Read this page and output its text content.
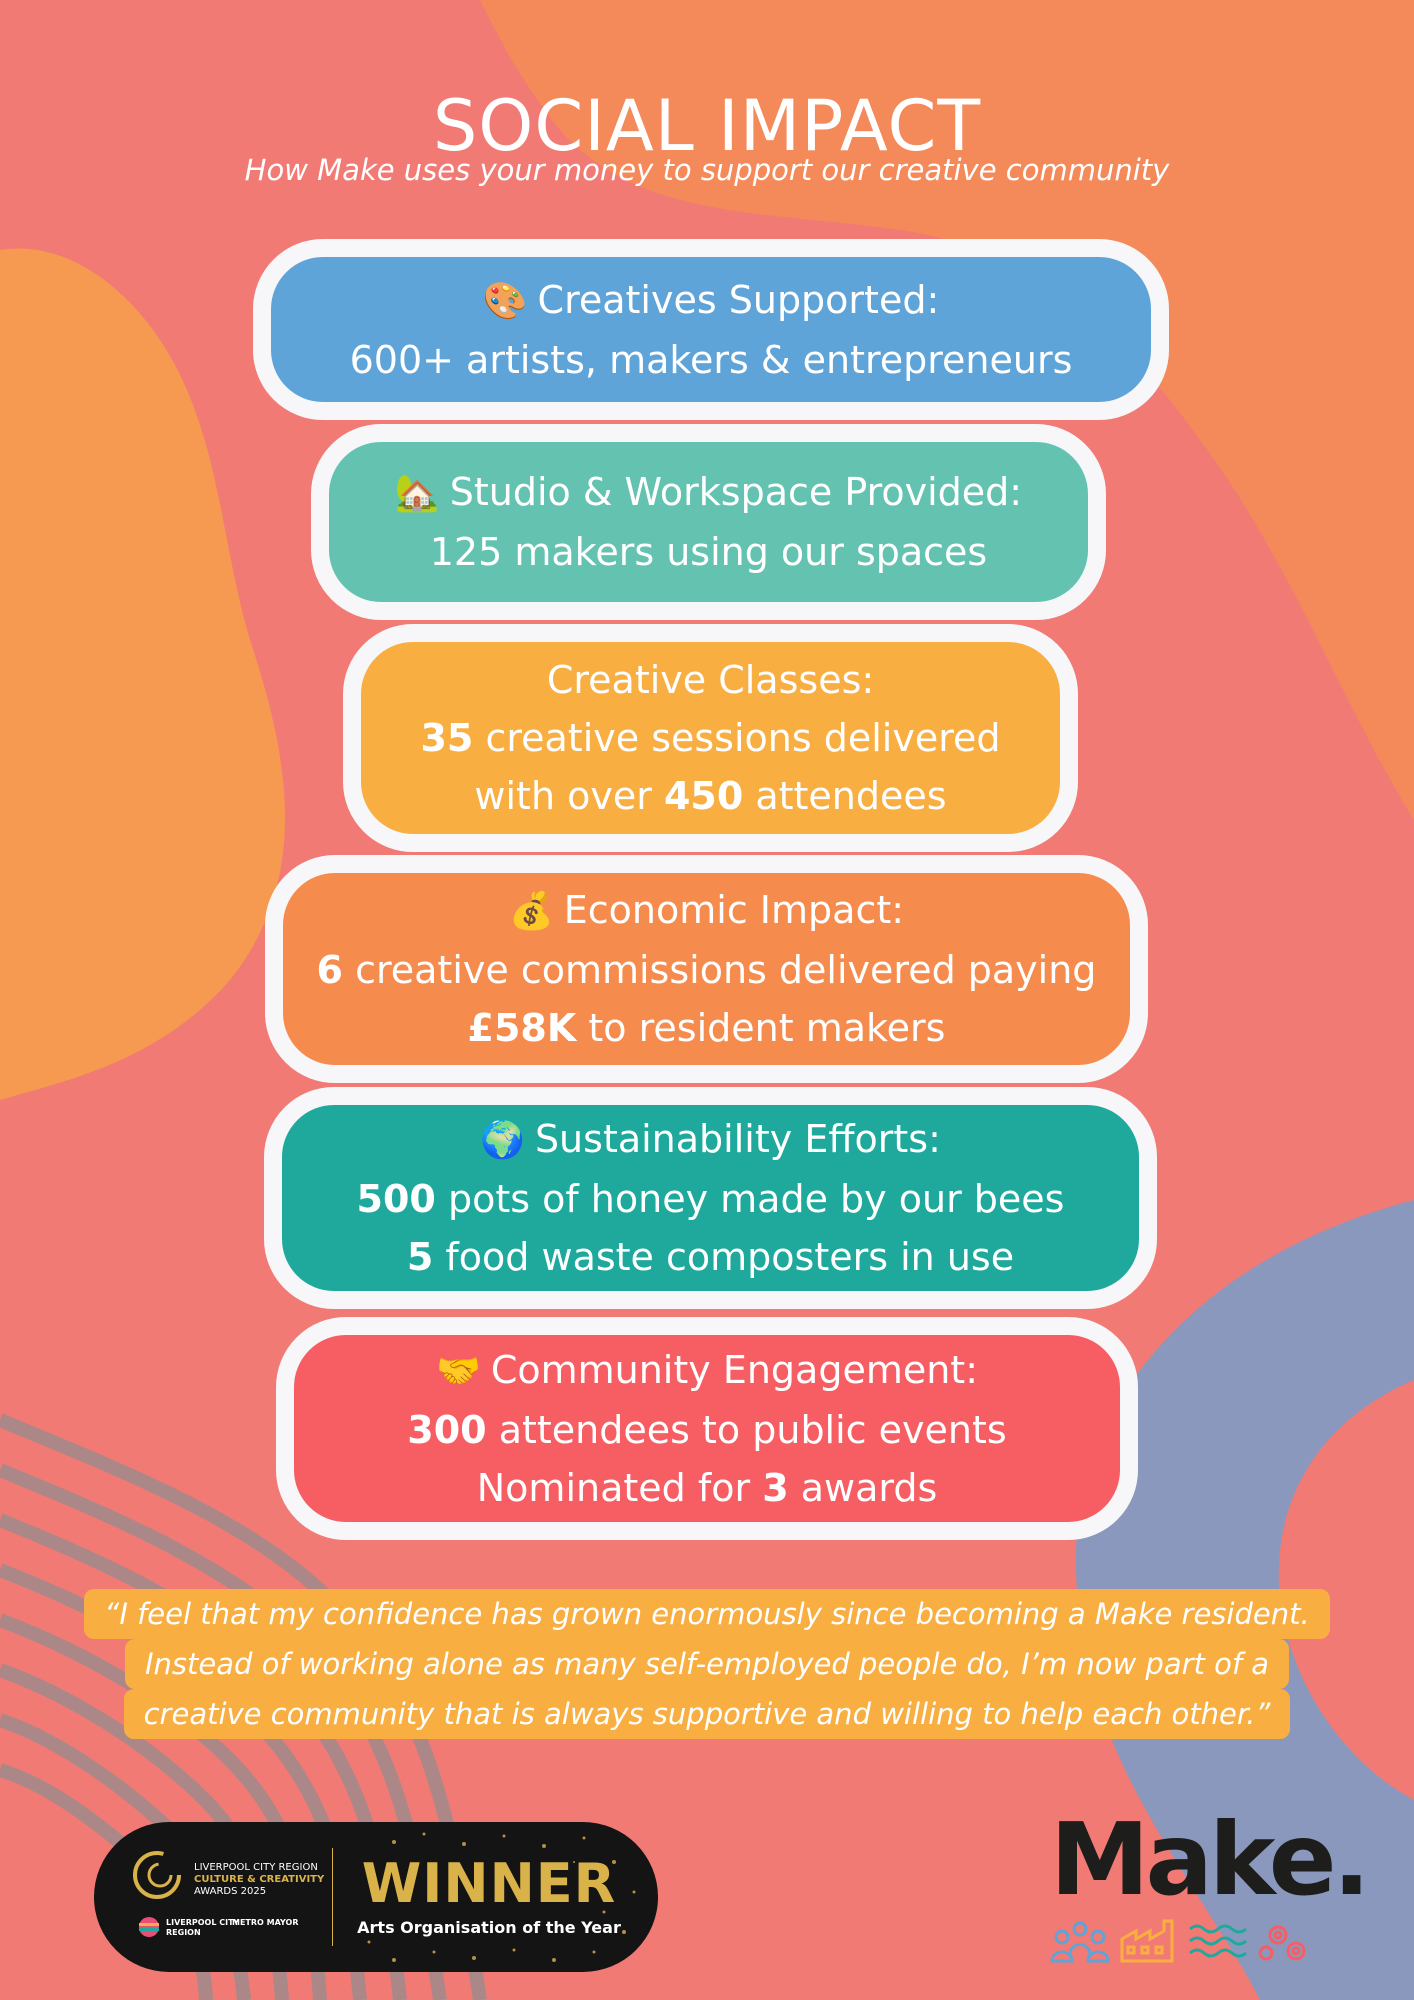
SOCIAL IMPACT
How Make uses your money to support our creative community
🎨 Creatives Supported:
600+ artists, makers & entrepreneurs
🏡 Studio & Workspace Provided:
125 makers using our spaces
Creative Classes:
35 creative sessions delivered
with over 450 attendees
💰 Economic Impact:
6 creative commissions delivered paying
£58K to resident makers
🌍 Sustainability Efforts:
500 pots of honey made by our bees
5 food waste composters in use
🤝 Community Engagement:
300 attendees to public events
Nominated for 3 awards
“I feel that my confidence has grown enormously since becoming a Make resident.
Instead of working alone as many self-employed people do, I’m now part of a
creative community that is always supportive and willing to help each other.”
LIVERPOOL CITY REGION
CULTURE & CREATIVITY
AWARDS 2025
LIVERPOOL CITY REGION
METRO MAYOR
WINNER
Arts Organisation of the Year
Make.
